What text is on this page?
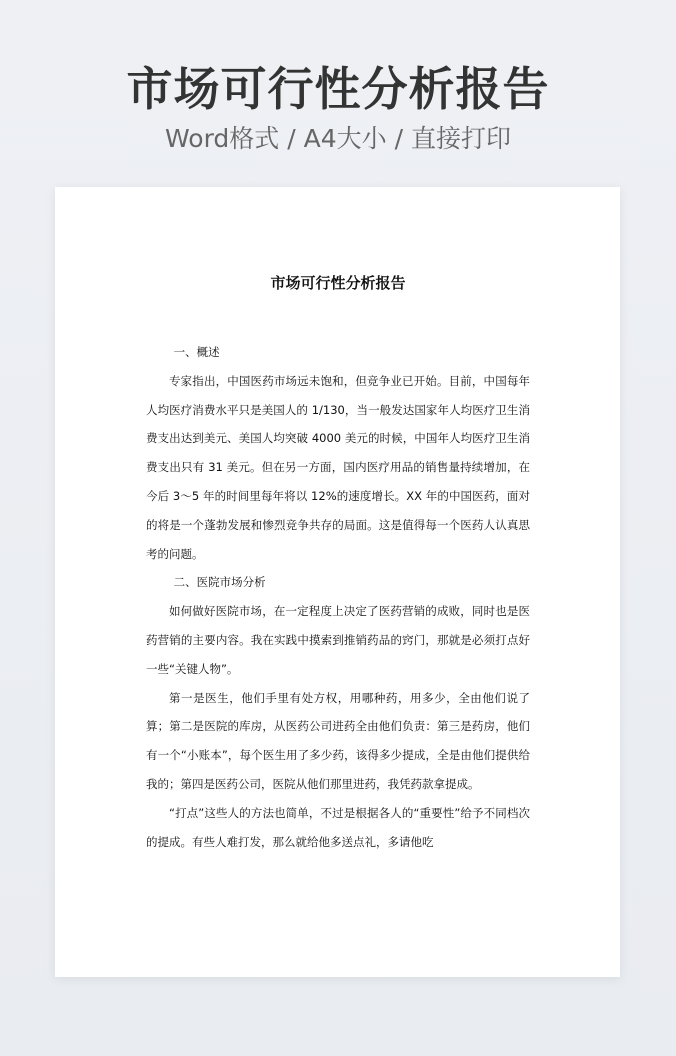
市场可行性分析报告
Word格式 / A4大小 / 直接打印
市场可行性分析报告

一、概述

专家指出，中国医药市场远未饱和，但竞争业已开始。目前，中国每年人均医疗消费水平只是美国人的 1/130，当一般发达国家年人均医疗卫生消费支出达到美元、美国人均突破 4000 美元的时候，中国年人均医疗卫生消费支出只有 31 美元。但在另一方面，国内医疗用品的销售量持续增加，在今后 3～5 年的时间里每年将以 12%的速度增长。XX 年的中国医药，面对的将是一个蓬勃发展和惨烈竞争共存的局面。这是值得每一个医药人认真思考的问题。

二、医院市场分析

如何做好医院市场，在一定程度上决定了医药营销的成败，同时也是医药营销的主要内容。我在实践中摸索到推销药品的窍门，那就是必须打点好一些“关键人物”。

第一是医生，他们手里有处方权，用哪种药，用多少，全由他们说了算；第二是医院的库房，从医药公司进药全由他们负责：第三是药房，他们有一个“小账本”，每个医生用了多少药，该得多少提成，全是由他们提供给我的；第四是医药公司，医院从他们那里进药，我凭药款拿提成。

“打点”这些人的方法也简单，不过是根据各人的“重要性”给予不同档次的提成。有些人难打发，那么就给他多送点礼，多请他吃
